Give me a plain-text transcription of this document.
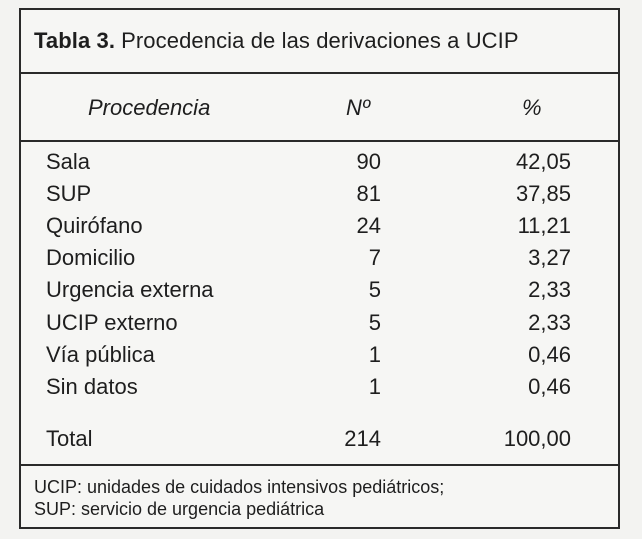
Tabla 3. Procedencia de las derivaciones a UCIP
Procedencia	Nº	%
Sala	90	42,05
SUP	81	37,85
Quirófano	24	11,21
Domicilio	7	3,27
Urgencia externa	5	2,33
UCIP externo	5	2,33
Vía pública	1	0,46
Sin datos	1	0,46
Total	214	100,00
UCIP: unidades de cuidados intensivos pediátricos;
SUP: servicio de urgencia pediátrica
